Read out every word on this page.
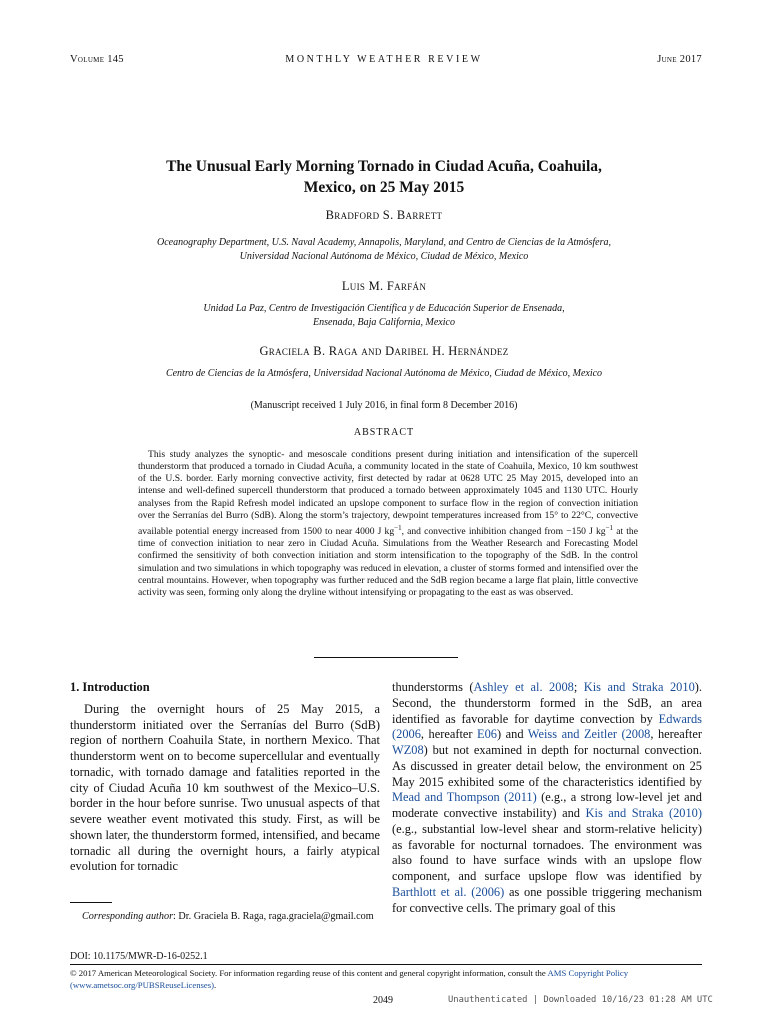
Volume 145	MONTHLY WEATHER REVIEW	June 2017
The Unusual Early Morning Tornado in Ciudad Acuña, Coahuila,
Mexico, on 25 May 2015
Bradford S. Barrett
Oceanography Department, U.S. Naval Academy, Annapolis, Maryland, and Centro de Ciencias de la Atmósfera,
Universidad Nacional Autónoma de México, Ciudad de México, Mexico
Luis M. Farfán
Unidad La Paz, Centro de Investigación Científica y de Educación Superior de Ensenada,
Ensenada, Baja California, Mexico
Graciela B. Raga and Daribel H. Hernández
Centro de Ciencias de la Atmósfera, Universidad Nacional Autónoma de México, Ciudad de México, Mexico
(Manuscript received 1 July 2016, in final form 8 December 2016)
ABSTRACT

This study analyzes the synoptic- and mesoscale conditions present during initiation and intensification of the supercell thunderstorm that produced a tornado in Ciudad Acuña, a community located in the state of Coahuila, Mexico, 10 km southwest of the U.S. border. Early morning convective activity, first detected by radar at 0628 UTC 25 May 2015, developed into an intense and well-defined supercell thunderstorm that produced a tornado between approximately 1045 and 1130 UTC. Hourly analyses from the Rapid Refresh model indicated an upslope component to surface flow in the region of convection initiation over the Serranías del Burro (SdB). Along the storm’s trajectory, dewpoint temperatures increased from 15° to 22°C, convective available potential energy increased from 1500 to near 4000 J $kg^{-1}$, and convective inhibition changed from −150 J $kg^{-1}$ at the time of convection initiation to near zero in Ciudad Acuña. Simulations from the Weather Research and Forecasting Model confirmed the sensitivity of both convection initiation and storm intensification to the topography of the SdB. In the control simulation and two simulations in which topography was reduced in elevation, a cluster of storms formed and intensified over the central mountains. However, when topography was further reduced and the SdB region became a large flat plain, little convective activity was seen, forming only along the dryline without intensifying or propagating to the east as was observed.

1. Introduction

During the overnight hours of 25 May 2015, a thunderstorm initiated over the Serranías del Burro (SdB) region of northern Coahuila State, in northern Mexico. That thunderstorm went on to become supercellular and eventually tornadic, with tornado damage and fatalities reported in the city of Ciudad Acuña 10 km southwest of the Mexico–U.S. border in the hour before sunrise. Two unusual aspects of that severe weather event motivated this study. First, as will be shown later, the thunderstorm formed, intensified, and became tornadic all during the overnight hours, a fairly atypical evolution for tornadic

thunderstorms (Ashley et al. 2008; Kis and Straka 2010). Second, the thunderstorm formed in the SdB, an area identified as favorable for daytime convection by Edwards (2006, hereafter E06) and Weiss and Zeitler (2008, hereafter WZ08) but not examined in depth for nocturnal convection. As discussed in greater detail below, the environment on 25 May 2015 exhibited some of the characteristics identified by Mead and Thompson (2011) (e.g., a strong low-level jet and moderate convective instability) and Kis and Straka (2010) (e.g., substantial low-level shear and storm-relative helicity) as favorable for nocturnal tornadoes. The environment was also found to have surface winds with an upslope flow component, and surface upslope flow was identified by Barthlott et al. (2006) as one possible triggering mechanism for convective cells. The primary goal of this

Corresponding author: Dr. Graciela B. Raga, raga.graciela@gmail.com
DOI: 10.1175/MWR-D-16-0252.1
© 2017 American Meteorological Society. For information regarding reuse of this content and general copyright information, consult the AMS Copyright Policy (www.ametsoc.org/PUBSReuseLicenses).
2049	Unauthenticated | Downloaded 10/16/23 01:28 AM UTC
